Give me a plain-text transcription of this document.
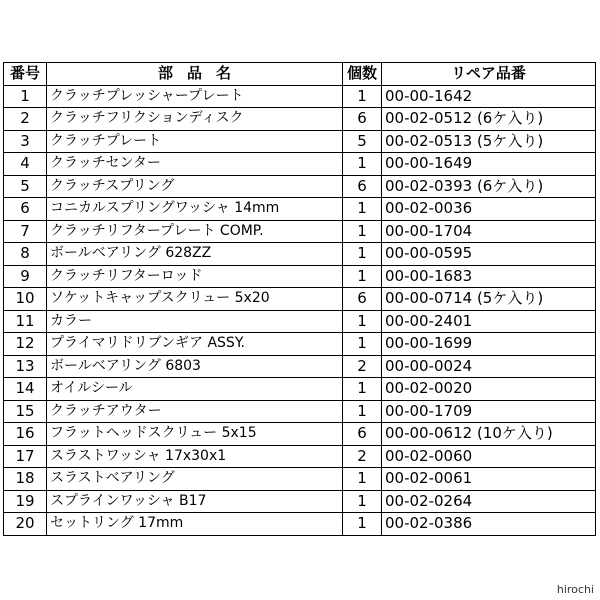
番号	部品名	個数	リペア品番
1	クラッチプレッシャープレート	1	00-00-1642
2	クラッチフリクションディスク	6	00-02-0512 (6ケ入り)
3	クラッチプレート	5	00-02-0513 (5ケ入り)
4	クラッチセンター	1	00-00-1649
5	クラッチスプリング	6	00-02-0393 (6ケ入り)
6	コニカルスプリングワッシャ 14mm	1	00-02-0036
7	クラッチリフタープレート COMP.	1	00-00-1704
8	ボールベアリング 628ZZ	1	00-00-0595
9	クラッチリフターロッド	1	00-00-1683
10	ソケットキャップスクリュー 5x20	6	00-00-0714 (5ケ入り)
11	カラー	1	00-00-2401
12	プライマリドリブンギア ASSY.	1	00-00-1699
13	ボールベアリング 6803	2	00-00-0024
14	オイルシール	1	00-02-0020
15	クラッチアウター	1	00-00-1709
16	フラットヘッドスクリュー 5x15	6	00-00-0612 (10ケ入り)
17	スラストワッシャ 17x30x1	2	00-02-0060
18	スラストベアリング	1	00-02-0061
19	スプラインワッシャ B17	1	00-02-0264
20	セットリング 17mm	1	00-02-0386
hirochi
